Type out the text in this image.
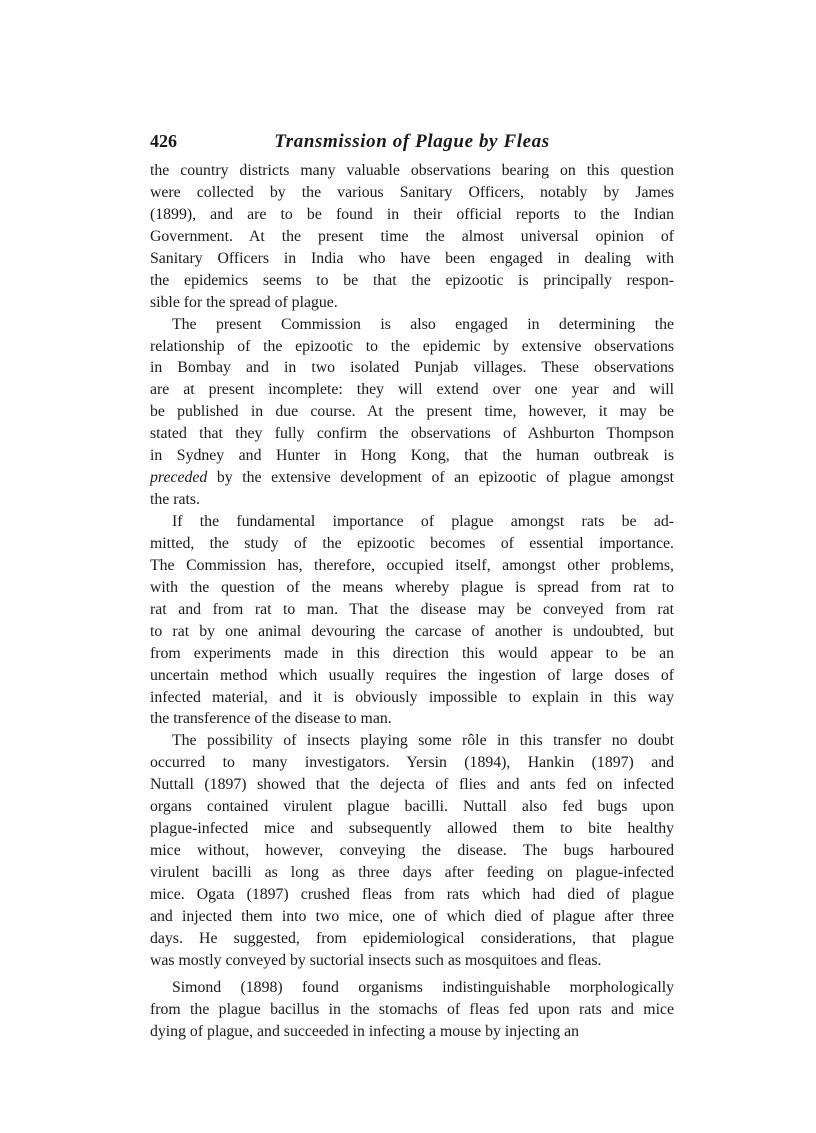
426	Transmission of Plague by Fleas
the country districts many valuable observations bearing on this question
were collected by the various Sanitary Officers, notably by James
(1899), and are to be found in their official reports to the Indian
Government. At the present time the almost universal opinion of
Sanitary Officers in India who have been engaged in dealing with
the epidemics seems to be that the epizootic is principally respon-
sible for the spread of plague.
The present Commission is also engaged in determining the
relationship of the epizootic to the epidemic by extensive observations
in Bombay and in two isolated Punjab villages. These observations
are at present incomplete: they will extend over one year and will
be published in due course. At the present time, however, it may be
stated that they fully confirm the observations of Ashburton Thompson
in Sydney and Hunter in Hong Kong, that the human outbreak is
preceded by the extensive development of an epizootic of plague amongst
the rats.
If the fundamental importance of plague amongst rats be ad-
mitted, the study of the epizootic becomes of essential importance.
The Commission has, therefore, occupied itself, amongst other problems,
with the question of the means whereby plague is spread from rat to
rat and from rat to man. That the disease may be conveyed from rat
to rat by one animal devouring the carcase of another is undoubted, but
from experiments made in this direction this would appear to be an
uncertain method which usually requires the ingestion of large doses of
infected material, and it is obviously impossible to explain in this way
the transference of the disease to man.
The possibility of insects playing some rôle in this transfer no doubt
occurred to many investigators. Yersin (1894), Hankin (1897) and
Nuttall (1897) showed that the dejecta of flies and ants fed on infected
organs contained virulent plague bacilli. Nuttall also fed bugs upon
plague-infected mice and subsequently allowed them to bite healthy
mice without, however, conveying the disease. The bugs harboured
virulent bacilli as long as three days after feeding on plague-infected
mice. Ogata (1897) crushed fleas from rats which had died of plague
and injected them into two mice, one of which died of plague after three
days. He suggested, from epidemiological considerations, that plague
was mostly conveyed by suctorial insects such as mosquitoes and fleas.
Simond (1898) found organisms indistinguishable morphologically
from the plague bacillus in the stomachs of fleas fed upon rats and mice
dying of plague, and succeeded in infecting a mouse by injecting an
